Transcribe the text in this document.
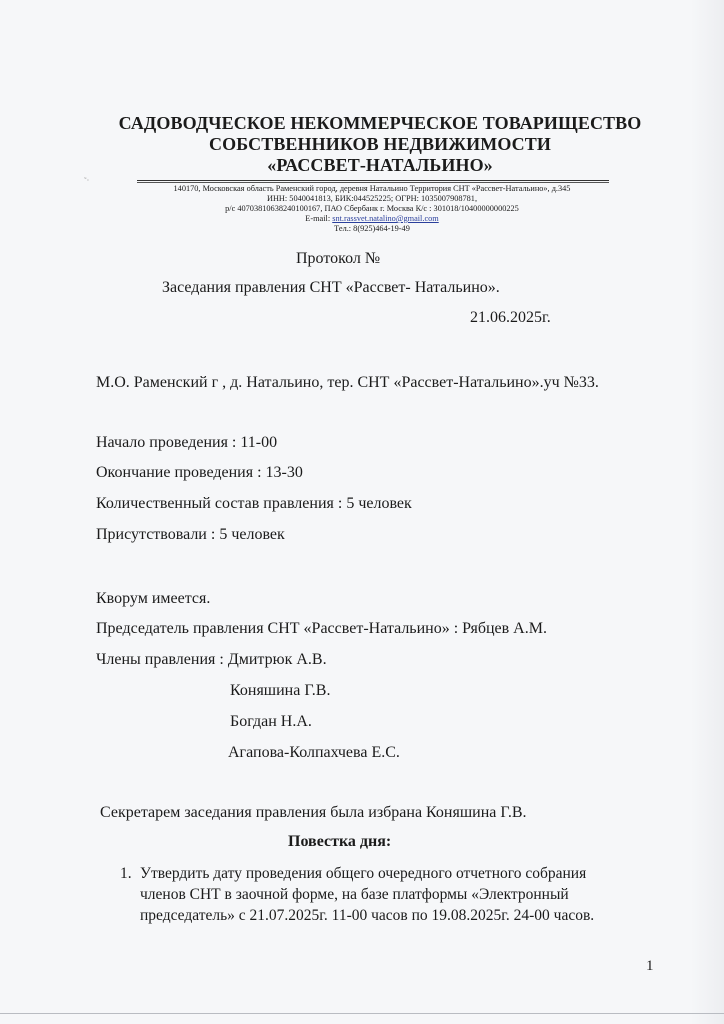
САДОВОДЧЕСКОЕ НЕКОММЕРЧЕСКОЕ ТОВАРИЩЕСТВО
СОБСТВЕННИКОВ НЕДВИЖИМОСТИ
«РАССВЕТ-НАТАЛЬИНО»
˜·
140170, Московская область Раменский город, деревня Натальино Территория СНТ «Рассвет-Натальино», д.345
ИНН: 5040041813, БИК:044525225; ОГРН: 1035007908781,
р/с 40703810638240100167, ПАО Сбербанк г. Москва К/с : 301018/10400000000225
E-mail: snt.rassvet.natalino@gmail.com
Тел.: 8(925)464-19-49
Протокол №
Заседания правления СНТ «Рассвет- Натальино».
21.06.2025г.
М.О. Раменский г , д. Натальино, тер. СНТ «Рассвет-Натальино».уч №33.
Начало проведения : 11-00
Окончание проведения : 13-30
Количественный состав правления : 5 человек
Присутствовали : 5 человек
Кворум имеется.
Председатель правления СНТ «Рассвет-Натальино» : Рябцев А.М.
Члены правления : Дмитрюк А.В.
Коняшина Г.В.
Богдан Н.А.
Агапова-Колпахчева Е.С.
Секретарем заседания правления была избрана Коняшина Г.В.
Повестка дня:
1. Утвердить дату проведения общего очередного отчетного собрания
членов СНТ в заочной форме, на базе платформы «Электронный
председатель» с 21.07.2025г. 11-00 часов по 19.08.2025г. 24-00 часов.
1
